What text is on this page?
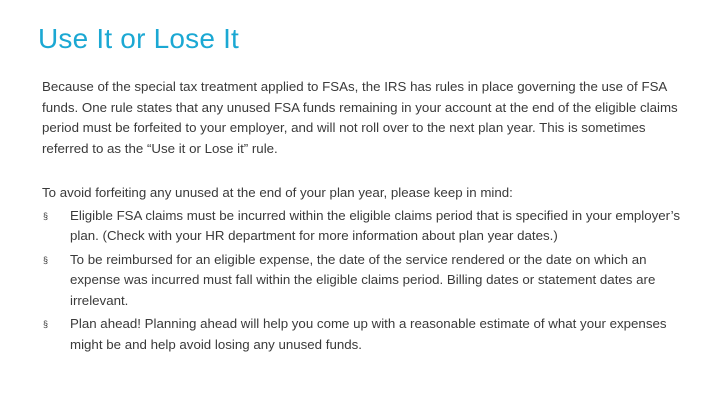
Use It or Lose It

Because of the special tax treatment applied to FSAs, the IRS has rules in place governing the use of FSA funds. One rule states that any unused FSA funds remaining in your account at the end of the eligible claims period must be forfeited to your employer, and will not roll over to the next plan year. This is sometimes referred to as the “Use it or Lose it” rule.

To avoid forfeiting any unused at the end of your plan year, please keep in mind:

§ Eligible FSA claims must be incurred within the eligible claims period that is specified in your employer’s plan. (Check with your HR department for more information about plan year dates.)
§ To be reimbursed for an eligible expense, the date of the service rendered or the date on which an expense was incurred must fall within the eligible claims period. Billing dates or statement dates are irrelevant.
§ Plan ahead! Planning ahead will help you come up with a reasonable estimate of what your expenses might be and help avoid losing any unused funds.
